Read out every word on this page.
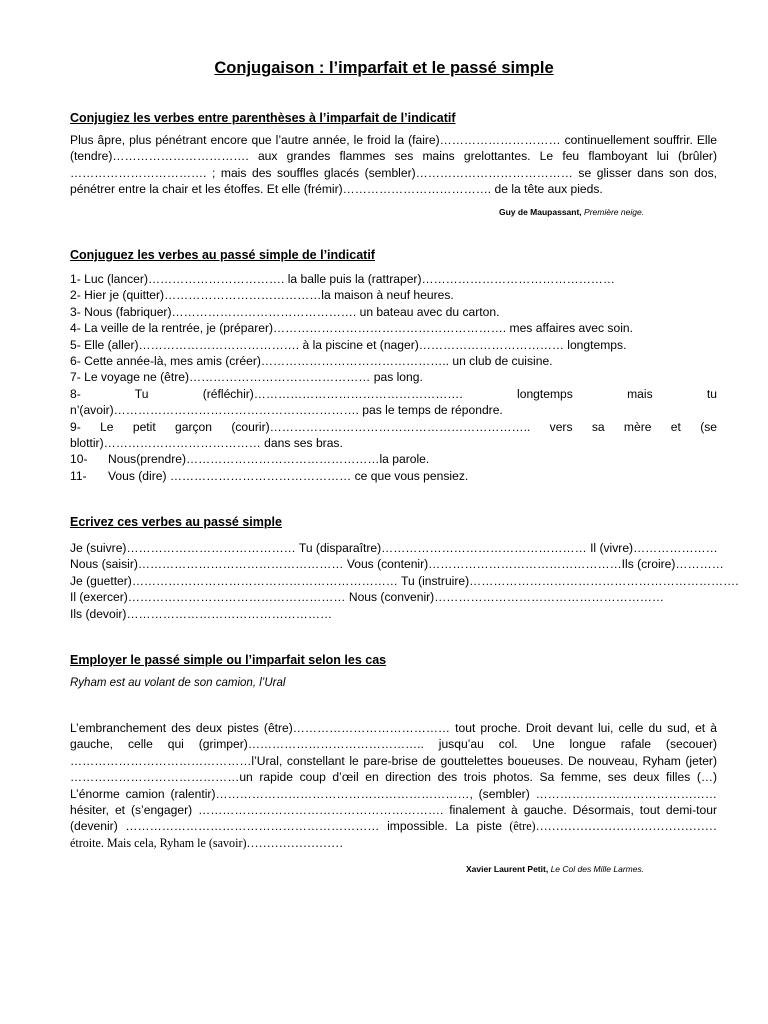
Conjugaison : l’imparfait et le passé simple
Conjugiez les verbes entre parenthèses à l’imparfait de l’indicatif

Plus âpre, plus pénétrant encore que l’autre année, le froid la (faire)………………………… continuellement souffrir. Elle (tendre)……………………………. aux grandes flammes ses mains grelottantes. Le feu flamboyant lui (brûler) ……………………………. ; mais des souffles glacés (sembler)………………………………… se glisser dans son dos, pénétrer entre la chair et les étoffes. Et elle (frémir)………………………………. de la tête aux pieds.

Guy de Maupassant, Première neige.
Conjuguez les verbes au passé simple de l’indicatif
1- Luc (lancer)……………………………. la balle puis la (rattraper)…………………………………………
2- Hier je (quitter)…………………………………la maison à neuf heures.
3- Nous (fabriquer)………………………………………. un bateau avec du carton.
4- La veille de la rentrée, je (préparer)…………………………………………………. mes affaires avec soin.
5- Elle (aller)…………………………………. à la piscine et (nager)……………………………… longtemps.
6- Cette année-là, mes amis (créer)……………………………………….. un club de cuisine.
7- Le voyage ne (être)……………………………………… pas long.
8- Tu (réfléchir)……………………………………………. longtemps mais tu n’(avoir)……………………………………………………. pas le temps de répondre.
9- Le petit garçon (courir)……………………………………………………….. vers sa mère et (se blottir)………………………………… dans ses bras.
10- Nous(prendre)…………………………………………la parole.
11- Vous (dire) ……………………………………… ce que vous pensiez.
Ecrivez ces verbes au passé simple
Je (suivre)…………………………………… Tu (disparaître)…………………………………………… Il (vivre)…………………
Nous (saisir)…………………………………………… Vous (contenir)…………………………………………Ils (croire)…………
Je (guetter)………………………………………………………… Tu (instruire)………………………………………………………….
Il (exercer)……………………………………………… Nous (convenir)…………………………………………………
Ils (devoir)……………………………………………
Employer le passé simple ou l’imparfait selon les cas
Ryham est au volant de son camion, l’Ural

L’embranchement des deux pistes (être)………………………………… tout proche. Droit devant lui, celle du sud, et à gauche, celle qui (grimper)…………………………………….. jusqu’au col. Une longue rafale (secouer) ………………………………………l’Ural, constellant le pare-brise de gouttelettes boueuses. De nouveau, Ryham (jeter) ……………………………………un rapide coup d’œil en direction des trois photos. Sa femme, ses deux filles (…) L’énorme camion (ralentir)………………………………………………………, (sembler) ………………………………………hésiter, et (s’engager) ……………………………………………………. finalement à gauche. Désormais, tout demi-tour (devenir) ……………………………………………………… impossible. La piste (être)……………………………………… étroite. Mais cela, Ryham le (savoir)……………………

Xavier Laurent Petit, Le Col des Mille Larmes.
